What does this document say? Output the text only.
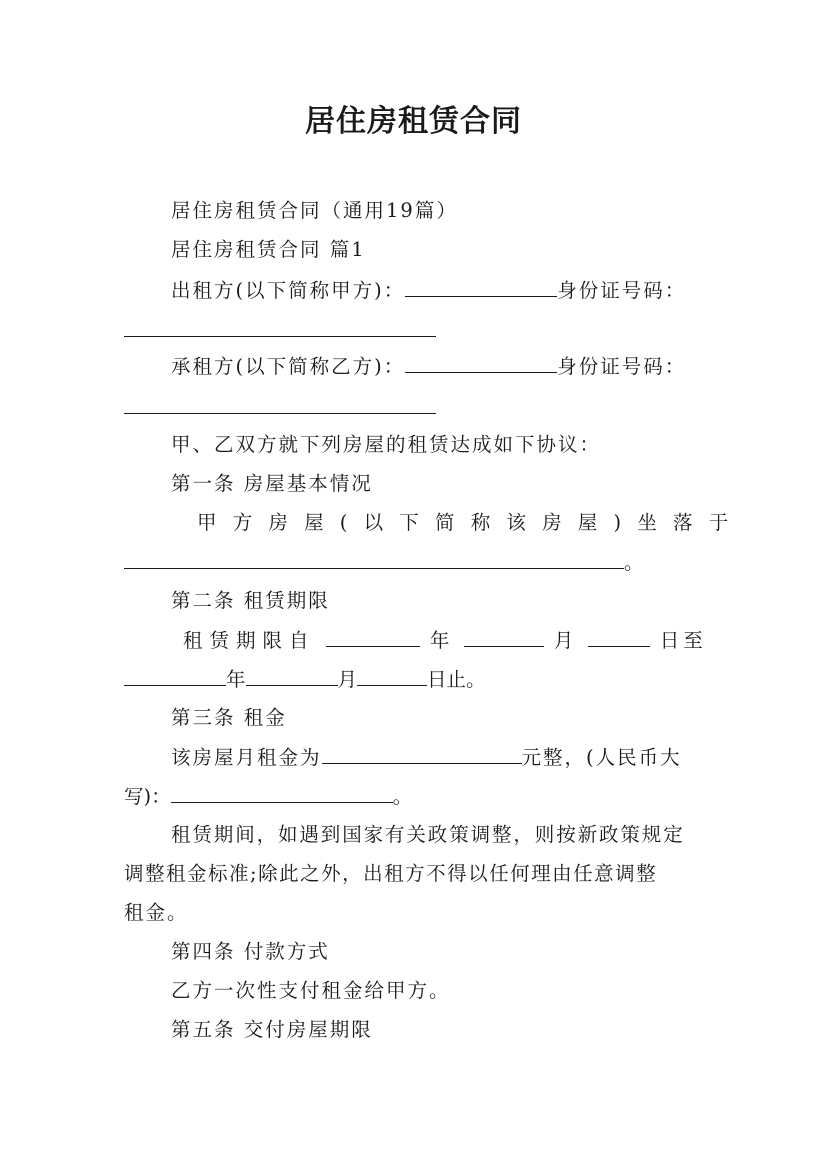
居住房租赁合同
居住房租赁合同（通用19篇）
居住房租赁合同 篇1
出租方(以下简称甲方)：	身份证号码：
承租方(以下简称乙方)：	身份证号码：
甲、乙双方就下列房屋的租赁达成如下协议：
第一条 房屋基本情况
甲方房屋(以下简称该房屋)坐落于
。
第二条 租赁期限
租赁期限自	年	月	日至
年	月	日止。
第三条 租金
该房屋月租金为	元整，(人民币大
写)：	。
租赁期间，如遇到国家有关政策调整，则按新政策规定
调整租金标准;除此之外，出租方不得以任何理由任意调整
租金。
第四条 付款方式
乙方一次性支付租金给甲方。
第五条 交付房屋期限
